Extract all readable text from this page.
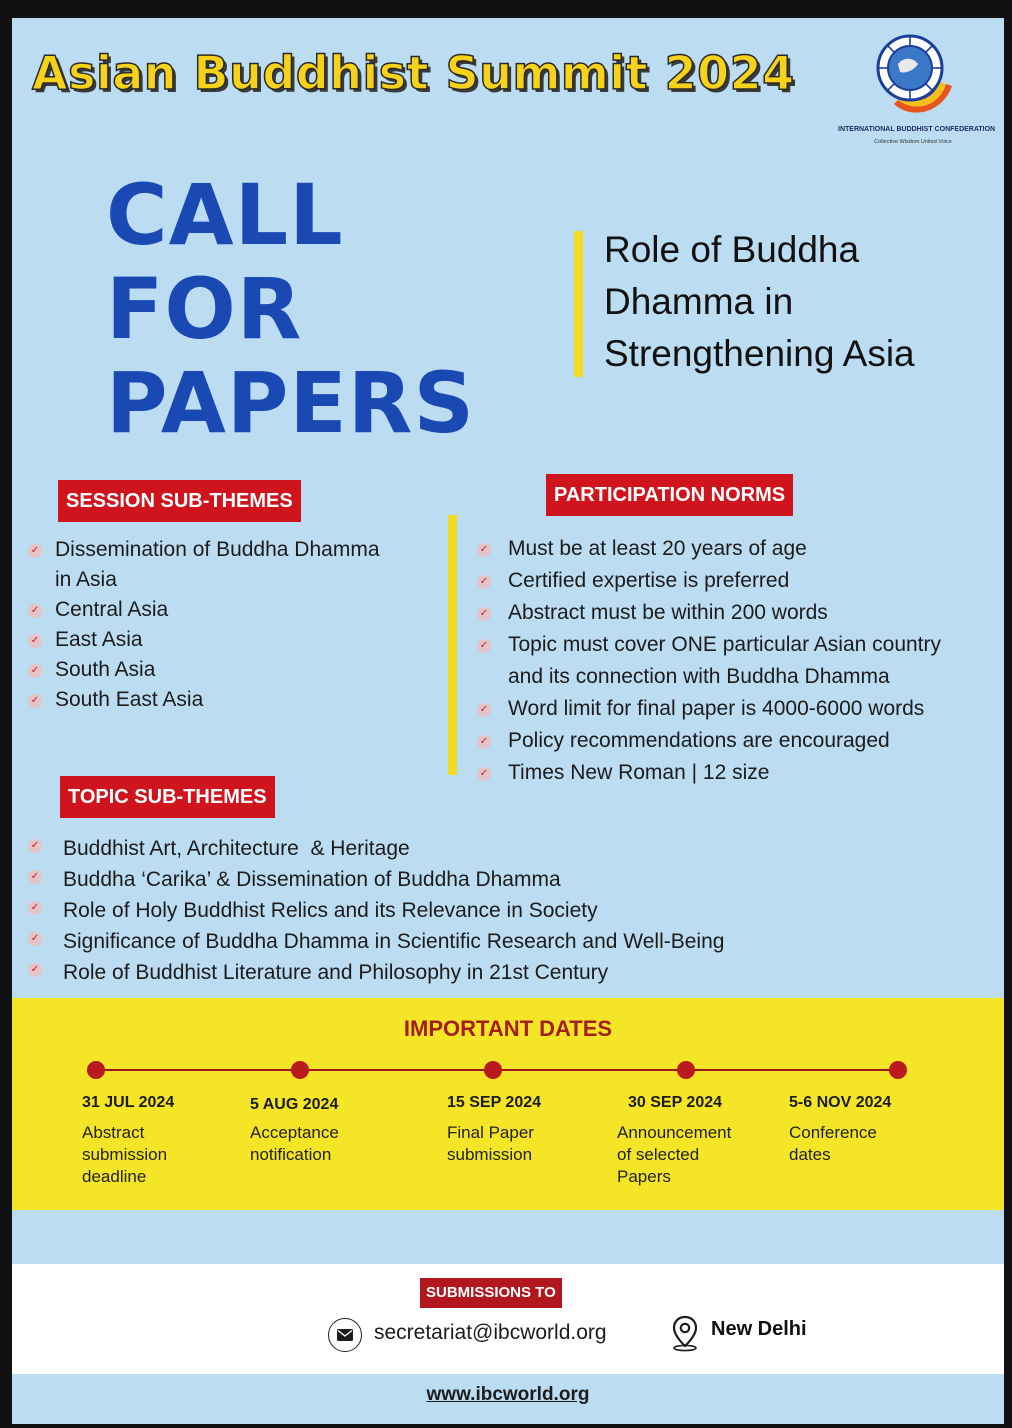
Asian Buddhist Summit 2024
INTERNATIONAL BUDDHIST CONFEDERATION
Collective Wisdom United Voice
CALL
FOR
PAPERS
Role of Buddha
Dhamma in
Strengthening Asia
SESSION SUB-THEMES
✓ Dissemination of Buddha Dhamma
in Asia
✓ Central Asia
✓ East Asia
✓ South Asia
✓ South East Asia
PARTICIPATION NORMS
✓ Must be at least 20 years of age
✓ Certified expertise is preferred
✓ Abstract must be within 200 words
✓ Topic must cover ONE particular Asian country
and its connection with Buddha Dhamma
✓ Word limit for final paper is 4000-6000 words
✓ Policy recommendations are encouraged
✓ Times New Roman | 12 size
TOPIC SUB-THEMES
✓ Buddhist Art, Architecture  & Heritage
✓ Buddha ‘Carika’ & Dissemination of Buddha Dhamma
✓ Role of Holy Buddhist Relics and its Relevance in Society
✓ Significance of Buddha Dhamma in Scientific Research and Well-Being
✓ Role of Buddhist Literature and Philosophy in 21st Century
IMPORTANT DATES
31 JUL 2024
Abstract
submission
deadline
5 AUG 2024
Acceptance
notification
15 SEP 2024
Final Paper
submission
30 SEP 2024
Announcement
of selected
Papers
5-6 NOV 2024
Conference
dates
SUBMISSIONS TO
secretariat@ibcworld.org	New Delhi
www.ibcworld.org
